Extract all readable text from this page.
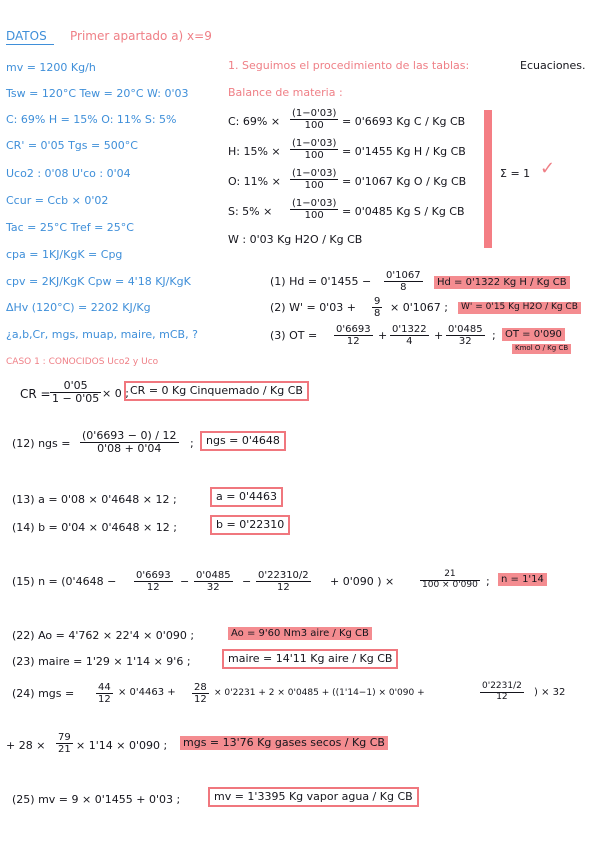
DATOS Primer apartado a) x=9
mv = 1200 Kg/h
Tsw = 120°C Tew = 20°C W: 0'03
C: 69% H = 15% O: 11% S: 5%
CR' = 0'05 Tgs = 500°C
Uco2 : 0'08 U'co : 0'04
Ccur = Ccb × 0'02
Tac = 25°C Tref = 25°C
cpa = 1KJ/KgK = Cpg
cpv = 2KJ/KgK Cpw = 4'18 KJ/KgK
ΔHv (120°C) = 2202 KJ/Kg
¿a,b,Cr, mgs, muap, maire, mCB, ?
1. Seguimos el procedimiento de las tablas:	Ecuaciones.
Balance de materia :
C: $69\% \times \frac{(1-0'03)}{100} = 0'6693$ Kg C / Kg CB
H: $15\% \times \frac{(1-0'03)}{100} = 0'1455$ Kg H / Kg CB
O: $11\% \times \frac{(1-0'03)}{100} = 0'1067$ Kg O / Kg CB
S: $5\% \times \frac{(1-0'03)}{100} = 0'0485$ Kg S / Kg CB
W : 0'03 Kg H2O / Kg CB
Σ = 1 ✓
(1) $Hd = 0'1455 - \frac{0'1067}{8}$	Hd = 0'1322 Kg H / Kg CB
(2) $W' = 0'03 + \frac{9}{8} \times 0'1067$ ;	W' = 0'15 Kg H2O / Kg CB
(3) OT = $\frac{0'6693}{12} + \frac{0'1322}{4} + \frac{0'0485}{32}$ ; OT = 0'090
Kmol O / Kg CB
CASO 1 : CONOCIDOS Uco2 y Uco
CR = $\frac{0'05}{1 - 0'05} \times 0$ ; CR = 0 Kg Cinquemado / Kg CB
(12) ngs = $\frac{(0'6693 - 0) / 12}{0'08 + 0'04}$ ;	ngs = 0'4648
(13) a = 0'08 × 0'4648 × 12 ;	a = 0'4463
(14) b = 0'04 × 0'4648 × 12 ;	b = 0'22310
(15) $n = (0'4648 - \frac{0'6693}{12} - \frac{0'0485}{32} - \frac{0'22310/2}{12} + 0'090$ ) ×	$\frac{21}{100 \times 0'090}$ ;	n = 1'14
(22) Ao = 4'762 × 22'4 × 0'090 ;	Ao = 9'60 Nm3 aire / Kg CB
(23) maire = 1'29 × 1'14 × 9'6 ;	maire = 14'11 Kg aire / Kg CB
(24) mgs = $\frac{44}{12} \times 0'4463 + \frac{28}{12} \times 0'2231 + 2 \times 0'0485 + ((1'14-1) \times 0'090$ +	$\frac{0'2231/2}{12}$ ) × 32
+ $28 \times \frac{79}{21} \times 1'14 \times 0'090$ ; mgs = 13'76 Kg gases secos / Kg CB
(25) mv = 9 × 0'1455 + 0'03 ;	mv = 1'3395 Kg vapor agua / Kg CB
